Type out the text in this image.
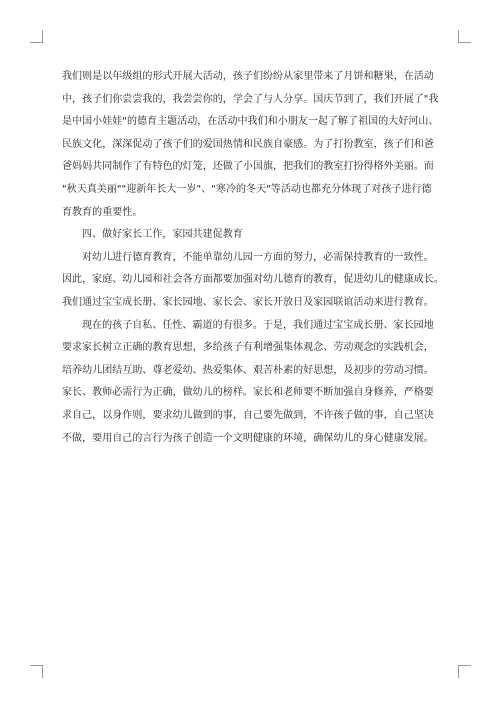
我们则是以年级组的形式开展大活动，孩子们纷纷从家里带来了月饼和糖果，在活动
中，孩子们你尝尝我的，我尝尝你的，学会了与人分享。国庆节到了，我们开展了"我
是中国小娃娃"的德育主题活动，在活动中我们和小朋友一起了解了祖国的大好河山、
民族文化，深深促动了孩子们的爱国热情和民族自豪感。为了打扮教室，孩子们和爸
爸妈妈共同制作了有特色的灯笼，还做了小国旗，把我们的教室打扮得格外美丽。而
"秋天真美丽""迎新年长大一岁"、"寒冷的冬天"等活动也都充分体现了对孩子进行德
育教育的重要性。

四、做好家长工作，家园共建促教育

对幼儿进行德育教育，不能单靠幼儿园一方面的努力，必需保持教育的一致性。
因此，家庭、幼儿园和社会各方面都要加强对幼儿德育的教育，促进幼儿的健康成长。
我们通过宝宝成长册、家长园地、家长会、家长开放日及家园联谊活动来进行教育。

现在的孩子自私、任性、霸道的有很多。于是，我们通过宝宝成长册、家长园地
要求家长树立正确的教育思想，多给孩子有利增强集体观念、劳动观念的实践机会，
培养幼儿团结互助、尊老爱幼、热爱集体、艰苦朴素的好思想，及初步的劳动习惯。
家长、教师必需行为正确，做幼儿的榜样。家长和老师要不断加强自身修养，严格要
求自己，以身作则，要求幼儿做到的事，自己要先做到，不许孩子做的事，自己坚决
不做，要用自己的言行为孩子创造一个文明健康的环境，确保幼儿的身心健康发展。
